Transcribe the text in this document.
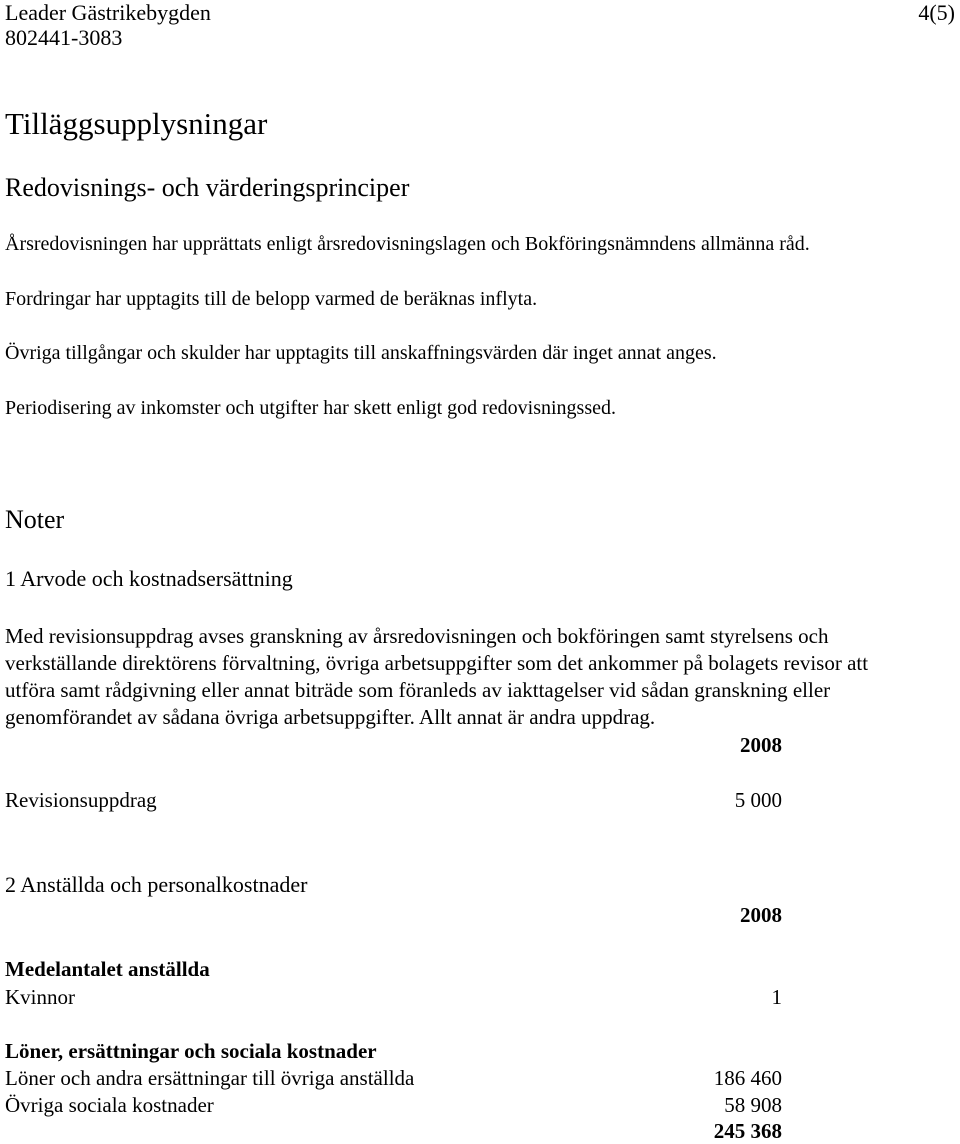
Leader Gästrikebygden
802441-3083
4(5)
Tilläggsupplysningar
Redovisnings- och värderingsprinciper
Årsredovisningen har upprättats enligt årsredovisningslagen och Bokföringsnämndens allmänna råd.
Fordringar har upptagits till de belopp varmed de beräknas inflyta.
Övriga tillgångar och skulder har upptagits till anskaffningsvärden där inget annat anges.
Periodisering av inkomster och utgifter har skett enligt god redovisningssed.
Noter
1 Arvode och kostnadsersättning
Med revisionsuppdrag avses granskning av årsredovisningen och bokföringen samt styrelsens och
verkställande direktörens förvaltning, övriga arbetsuppgifter som det ankommer på bolagets revisor att
utföra samt rådgivning eller annat biträde som föranleds av iakttagelser vid sådan granskning eller
genomförandet av sådana övriga arbetsuppgifter. Allt annat är andra uppdrag.
2008
Revisionsuppdrag	5 000
2 Anställda och personalkostnader
2008
Medelantalet anställda
Kvinnor	1
Löner, ersättningar och sociala kostnader
Löner och andra ersättningar till övriga anställda	186 460
Övriga sociala kostnader	58 908
245 368
